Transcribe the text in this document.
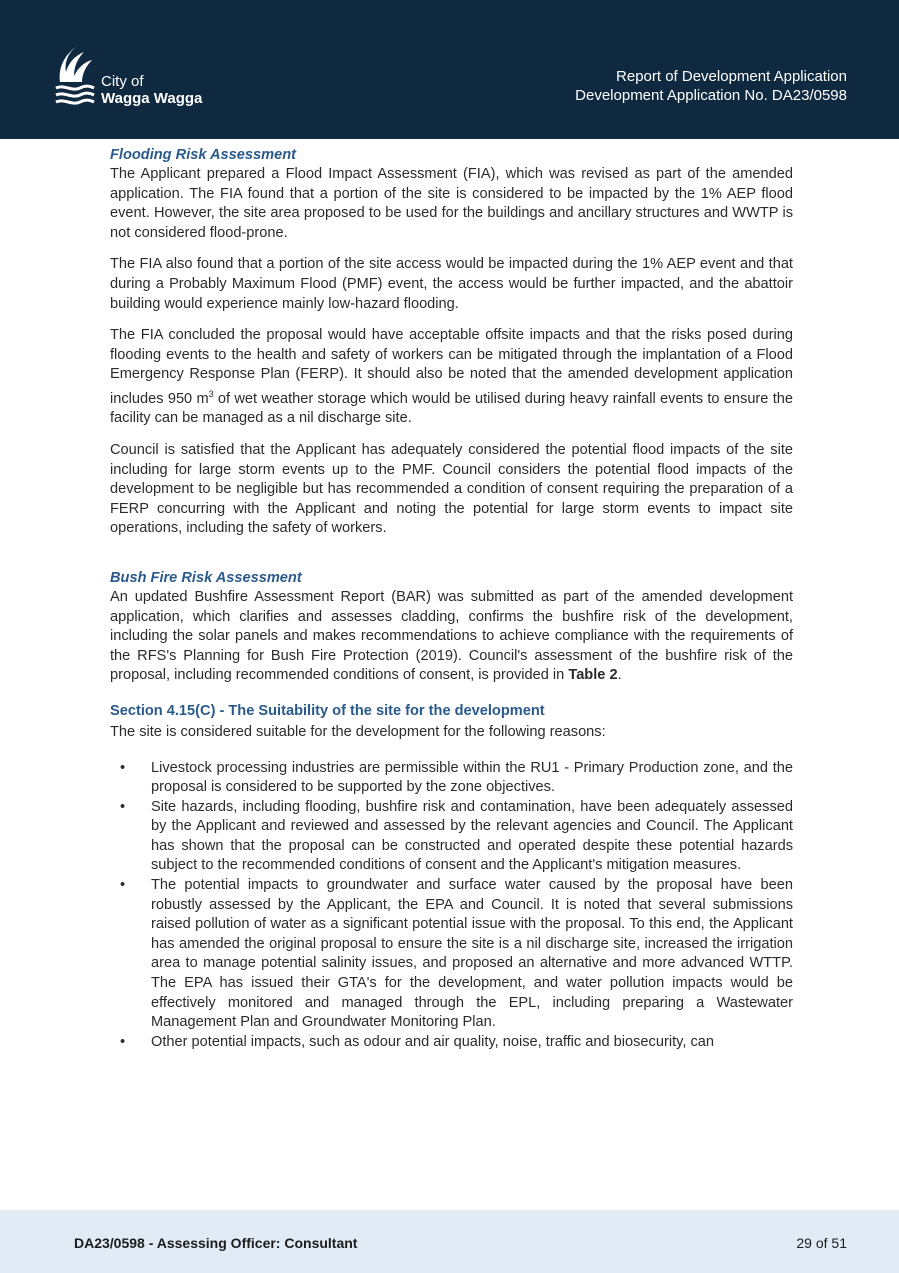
City of
Wagga Wagga
Report of Development Application
Development Application No. DA23/0598
Flooding Risk Assessment

The Applicant prepared a Flood Impact Assessment (FIA), which was revised as part of the amended application. The FIA found that a portion of the site is considered to be impacted by the 1% AEP flood event. However, the site area proposed to be used for the buildings and ancillary structures and WWTP is not considered flood-prone.

The FIA also found that a portion of the site access would be impacted during the 1% AEP event and that during a Probably Maximum Flood (PMF) event, the access would be further impacted, and the abattoir building would experience mainly low-hazard flooding.

The FIA concluded the proposal would have acceptable offsite impacts and that the risks posed during flooding events to the health and safety of workers can be mitigated through the implantation of a Flood Emergency Response Plan (FERP). It should also be noted that the amended development application includes 950 $m^3$ of wet weather storage which would be utilised during heavy rainfall events to ensure the facility can be managed as a nil discharge site.

Council is satisfied that the Applicant has adequately considered the potential flood impacts of the site including for large storm events up to the PMF. Council considers the potential flood impacts of the development to be negligible but has recommended a condition of consent requiring the preparation of a FERP concurring with the Applicant and noting the potential for large storm events to impact site operations, including the safety of workers.

Bush Fire Risk Assessment

An updated Bushfire Assessment Report (BAR) was submitted as part of the amended development application, which clarifies and assesses cladding, confirms the bushfire risk of the development, including the solar panels and makes recommendations to achieve compliance with the requirements of the RFS's Planning for Bush Fire Protection (2019). Council's assessment of the bushfire risk of the proposal, including recommended conditions of consent, is provided in Table 2.

Section 4.15(C) - The Suitability of the site for the development

The site is considered suitable for the development for the following reasons:

• Livestock processing industries are permissible within the RU1 - Primary Production zone, and the proposal is considered to be supported by the zone objectives.
• Site hazards, including flooding, bushfire risk and contamination, have been adequately assessed by the Applicant and reviewed and assessed by the relevant agencies and Council. The Applicant has shown that the proposal can be constructed and operated despite these potential hazards subject to the recommended conditions of consent and the Applicant's mitigation measures.
• The potential impacts to groundwater and surface water caused by the proposal have been robustly assessed by the Applicant, the EPA and Council. It is noted that several submissions raised pollution of water as a significant potential issue with the proposal. To this end, the Applicant has amended the original proposal to ensure the site is a nil discharge site, increased the irrigation area to manage potential salinity issues, and proposed an alternative and more advanced WTTP. The EPA has issued their GTA's for the development, and water pollution impacts would be effectively monitored and managed through the EPL, including preparing a Wastewater Management Plan and Groundwater Monitoring Plan.
• Other potential impacts, such as odour and air quality, noise, traffic and biosecurity, can
DA23/0598 - Assessing Officer: Consultant	29 of 51
